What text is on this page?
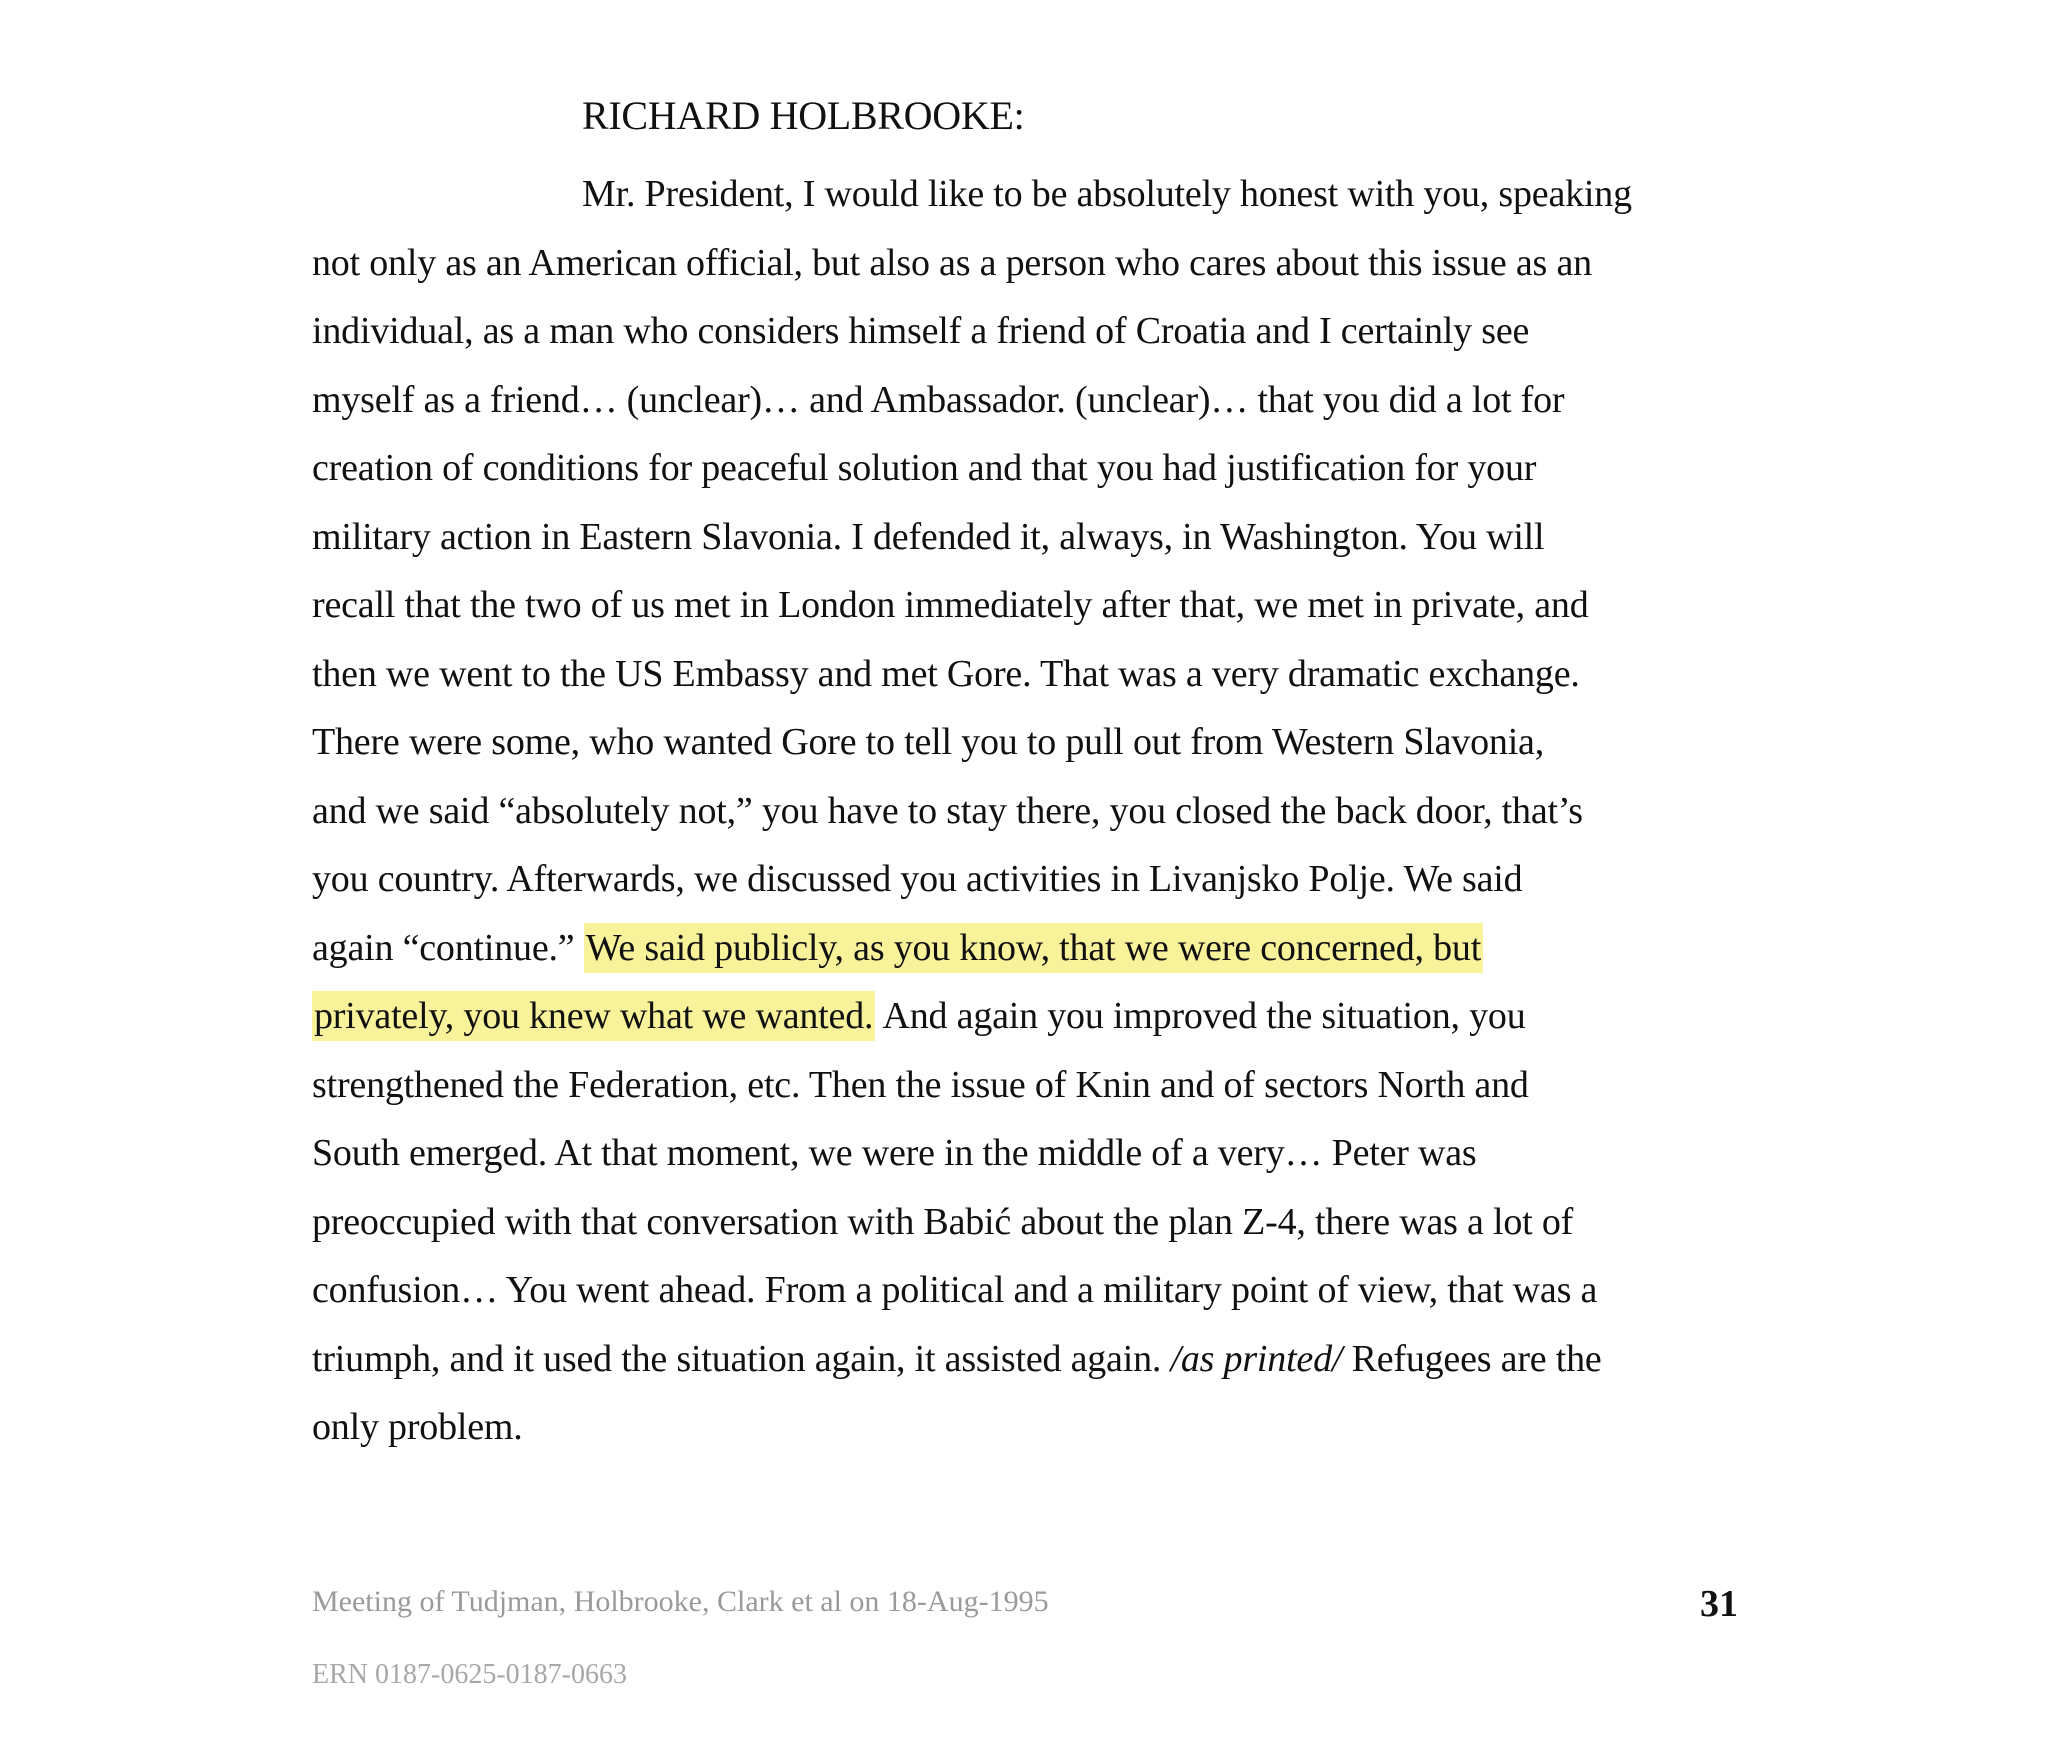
RICHARD HOLBROOKE:
Mr. President, I would like to be absolutely honest with you, speaking
not only as an American official, but also as a person who cares about this issue as an
individual, as a man who considers himself a friend of Croatia and I certainly see
myself as a friend… (unclear)… and Ambassador. (unclear)… that you did a lot for
creation of conditions for peaceful solution and that you had justification for your
military action in Eastern Slavonia. I defended it, always, in Washington. You will
recall that the two of us met in London immediately after that, we met in private, and
then we went to the US Embassy and met Gore. That was a very dramatic exchange.
There were some, who wanted Gore to tell you to pull out from Western Slavonia,
and we said “absolutely not,” you have to stay there, you closed the back door, that’s
you country. Afterwards, we discussed you activities in Livanjsko Polje. We said
again “continue.” We said publicly, as you know, that we were concerned, but
privately, you knew what we wanted. And again you improved the situation, you
strengthened the Federation, etc. Then the issue of Knin and of sectors North and
South emerged. At that moment, we were in the middle of a very… Peter was
preoccupied with that conversation with Babić about the plan Z-4, there was a lot of
confusion… You went ahead. From a political and a military point of view, that was a
triumph, and it used the situation again, it assisted again. /as printed/ Refugees are the
only problem.
Meeting of Tudjman, Holbrooke, Clark et al on 18-Aug-1995	31
ERN 0187-0625-0187-0663
